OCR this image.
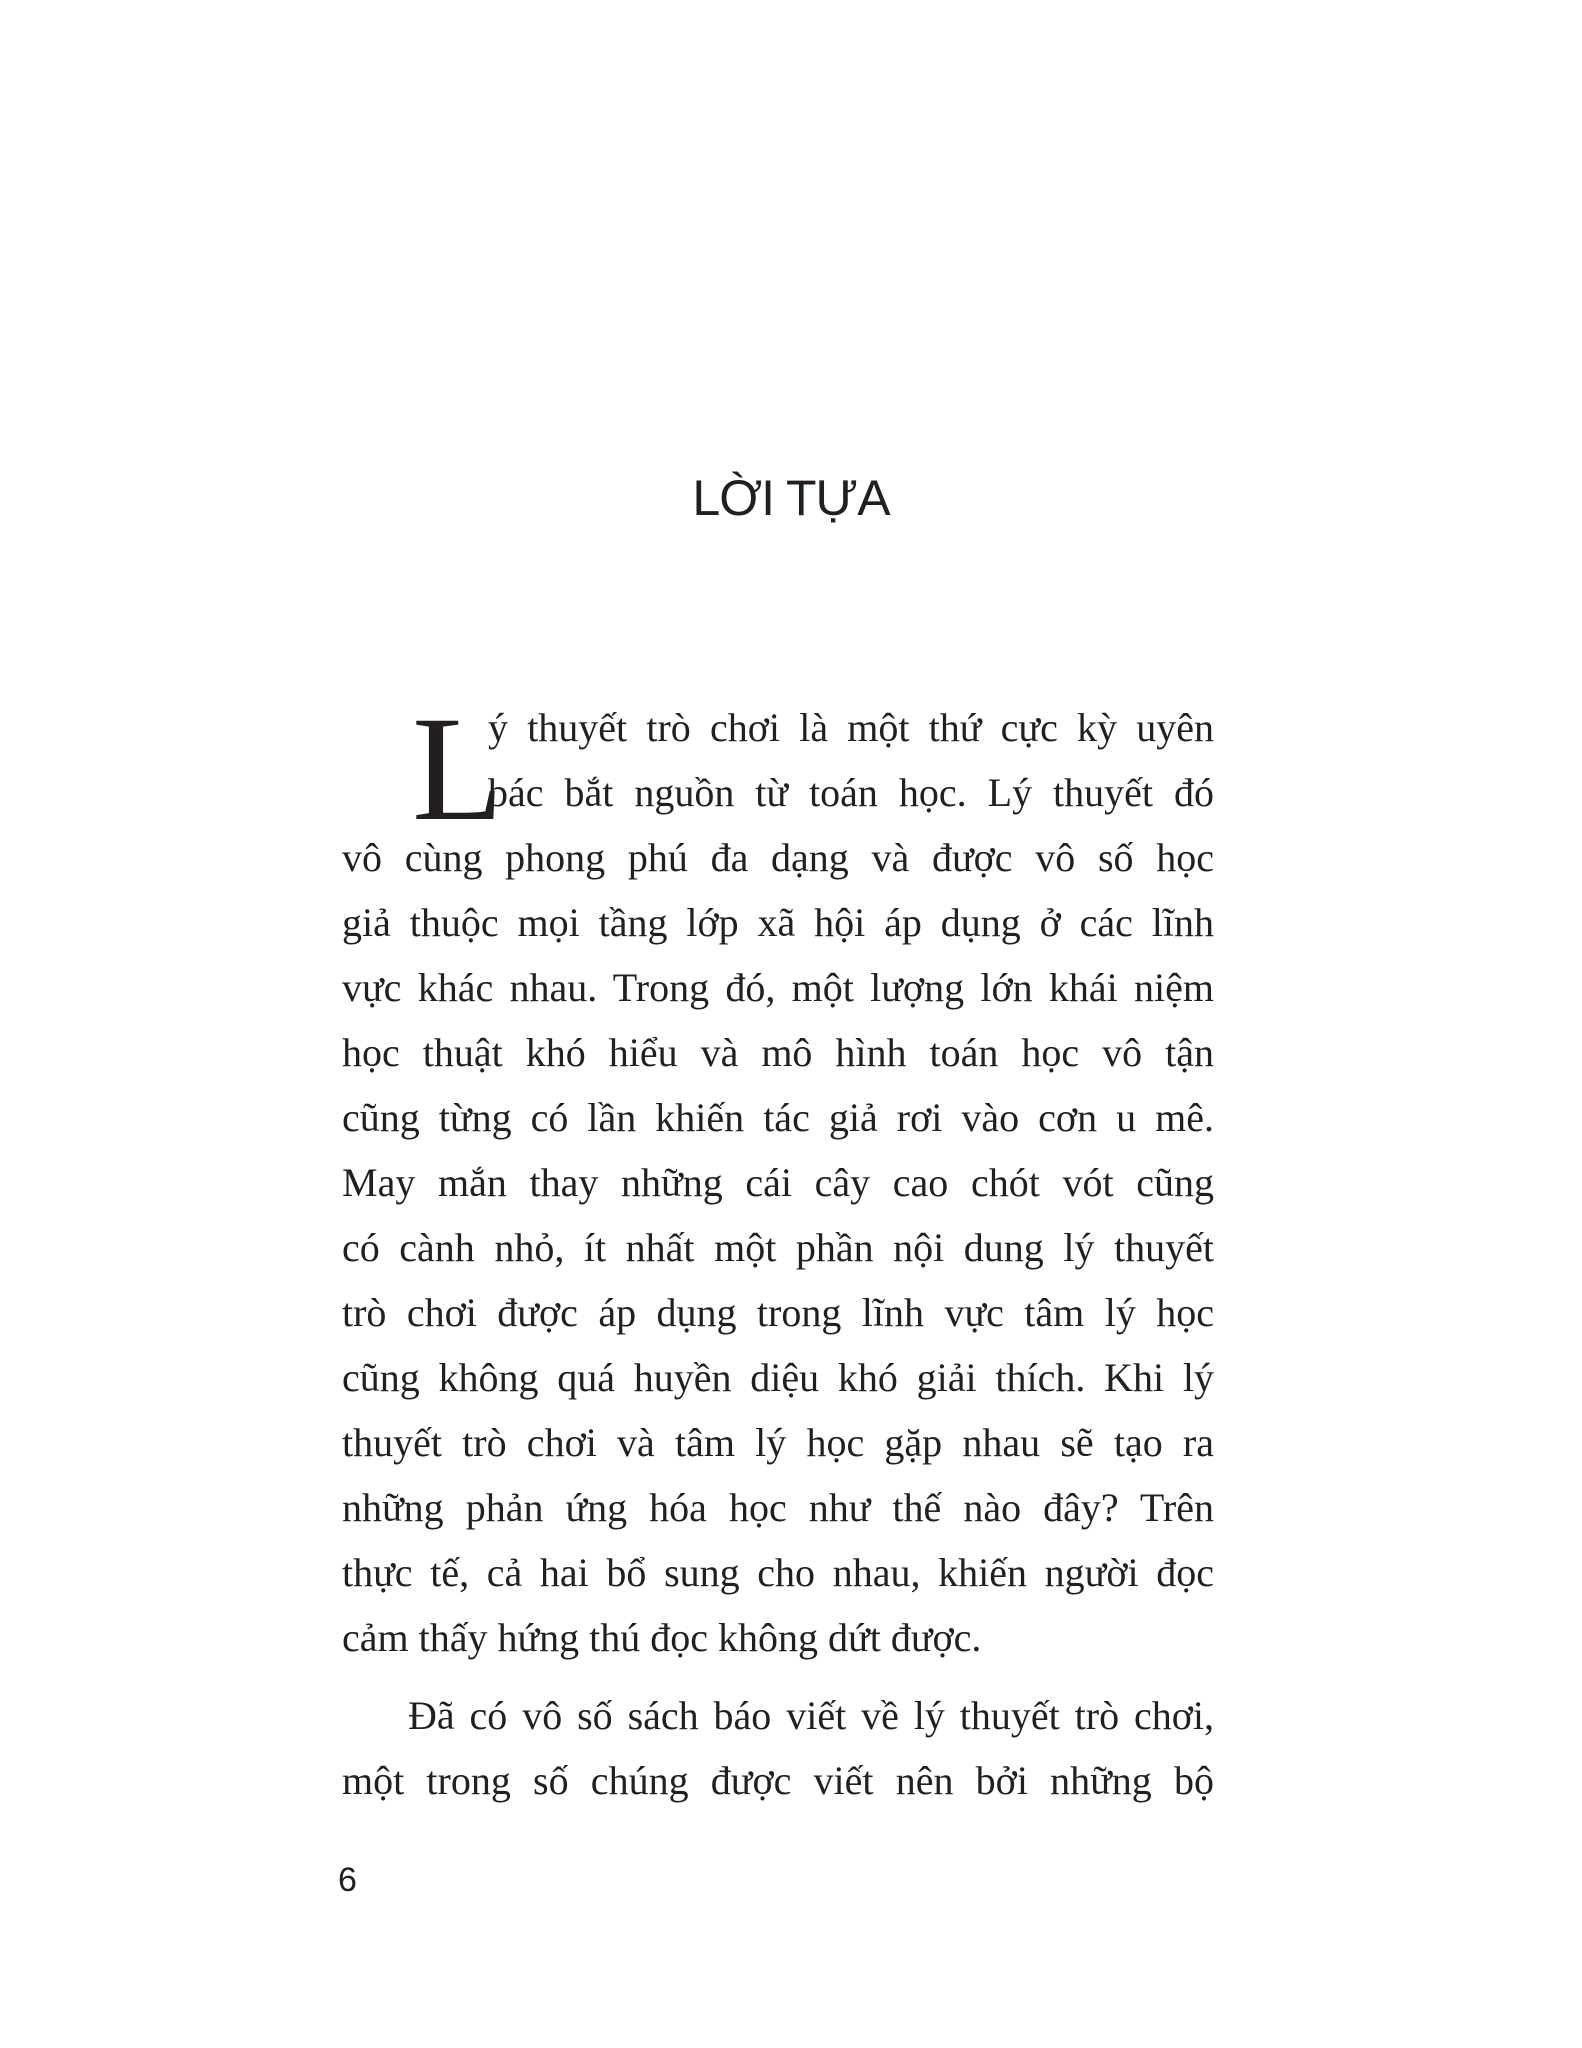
LỜI TỰA
L
ý thuyết trò chơi là một thứ cực kỳ uyên
bác bắt nguồn từ toán học. Lý thuyết đó
vô cùng phong phú đa dạng và được vô số học
giả thuộc mọi tầng lớp xã hội áp dụng ở các lĩnh
vực khác nhau. Trong đó, một lượng lớn khái niệm
học thuật khó hiểu và mô hình toán học vô tận
cũng từng có lần khiến tác giả rơi vào cơn u mê.
May mắn thay những cái cây cao chót vót cũng
có cành nhỏ, ít nhất một phần nội dung lý thuyết
trò chơi được áp dụng trong lĩnh vực tâm lý học
cũng không quá huyền diệu khó giải thích. Khi lý
thuyết trò chơi và tâm lý học gặp nhau sẽ tạo ra
những phản ứng hóa học như thế nào đây? Trên
thực tế, cả hai bổ sung cho nhau, khiến người đọc
cảm thấy hứng thú đọc không dứt được.
Đã có vô số sách báo viết về lý thuyết trò chơi,
một trong số chúng được viết nên bởi những bộ
6
